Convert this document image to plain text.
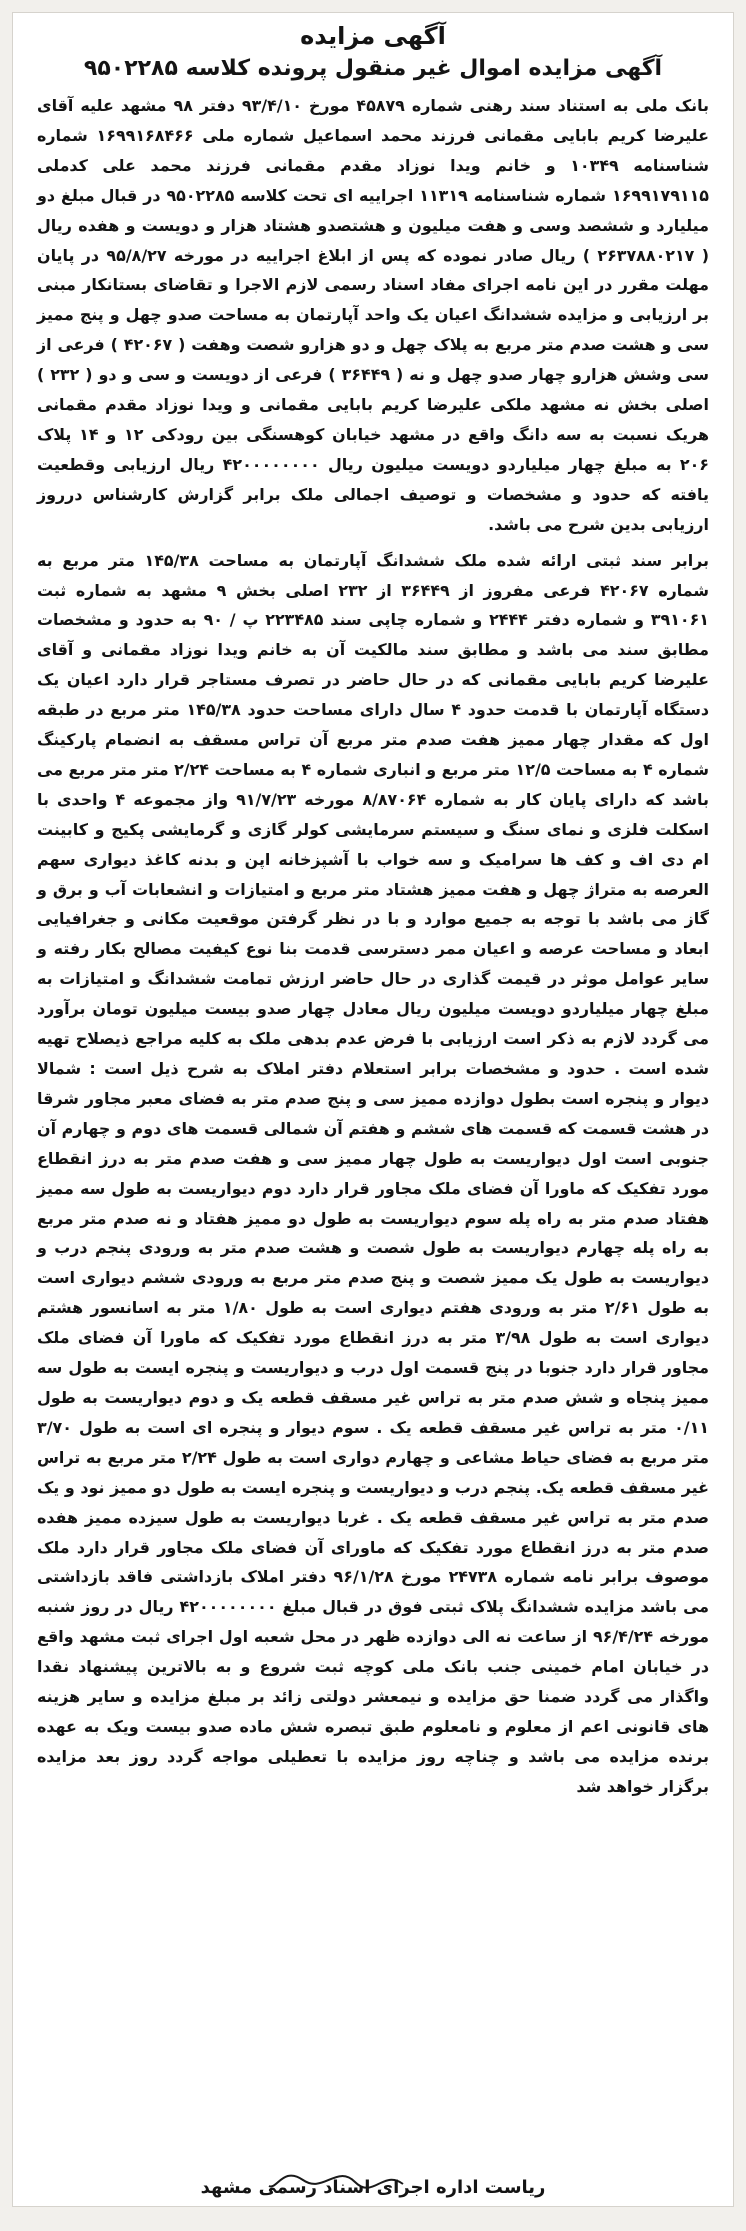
آگهی مزایده
آگهی مزایده اموال غیر منقول پرونده کلاسه ۹۵۰۲۲۸۵

بانک ملی به استناد سند رهنی شماره ۴۵۸۷۹ مورخ ۹۳/۴/۱۰ دفتر ۹۸ مشهد علیه آقای علیرضا کریم بابایی مقمانی فرزند محمد اسماعیل شماره ملی ۱۶۹۹۱۶۸۴۶۶ شماره شناسنامه ۱۰۳۴۹ و خانم ویدا نوزاد مقدم مقمانی فرزند محمد علی کدملی ۱۶۹۹۱۷۹۱۱۵ شماره شناسنامه ۱۱۳۱۹ اجراییه ای تحت کلاسه ۹۵۰۲۲۸۵ در قبال مبلغ دو میلیارد و ششصد وسی و هفت میلیون و هشتصدو هشتاد هزار و دویست و هفده ریال ( ۲۶۳۷۸۸۰۲۱۷ ) ریال صادر نموده که پس از ابلاغ اجراییه در مورخه ۹۵/۸/۲۷ در پایان مهلت مقرر در این نامه اجرای مفاد اسناد رسمی لازم الاجرا و تقاضای بستانکار مبنی بر ارزیابی و مزایده ششدانگ اعیان یک واحد آپارتمان به مساحت صدو چهل و پنج ممیز سی و هشت صدم متر مربع به پلاک چهل و دو هزارو شصت وهفت ( ۴۲۰۶۷ ) فرعی از سی وشش هزارو چهار صدو چهل و نه ( ۳۶۴۴۹ ) فرعی از دویست و سی و دو ( ۲۳۲ ) اصلی بخش نه مشهد ملکی علیرضا کریم بابایی مقمانی و ویدا نوزاد مقدم مقمانی هریک نسبت به سه دانگ واقع در مشهد خیابان کوهسنگی بین رودکی ۱۲ و ۱۴ پلاک ۲۰۶ به مبلغ چهار میلیاردو دویست میلیون ریال ۴۲۰۰۰۰۰۰۰۰ ریال ارزیابی وقطعیت یافته که حدود و مشخصات و توصیف اجمالی ملک برابر گزارش کارشناس درروز ارزیابی بدین شرح می باشد.

برابر سند ثبتی ارائه شده ملک ششدانگ آپارتمان به مساحت ۱۴۵/۳۸ متر مربع به شماره ۴۲۰۶۷ فرعی مفروز از ۳۶۴۴۹ از ۲۳۲ اصلی بخش ۹ مشهد به شماره ثبت ۳۹۱۰۶۱ و شماره دفتر ۲۴۴۴ و شماره چاپی سند ۲۲۳۴۸۵ پ / ۹۰ به حدود و مشخصات مطابق سند می باشد و مطابق سند مالکیت آن به خانم ویدا نوزاد مقمانی و آقای علیرضا کریم بابایی مقمانی که در حال حاضر در تصرف مستاجر قرار دارد اعیان یک دستگاه آپارتمان با قدمت حدود ۴ سال دارای مساحت حدود ۱۴۵/۳۸ متر مربع در طبقه اول که مقدار چهار ممیز هفت صدم متر مربع آن تراس مسقف به انضمام پارکینگ شماره ۴ به مساحت ۱۲/۵ متر مربع و انباری شماره ۴ به مساحت ۲/۲۴ متر متر مربع می باشد که دارای پایان کار به شماره ۸/۸۷۰۶۴ مورخه ۹۱/۷/۲۳ واز مجموعه ۴ واحدی با اسکلت فلزی و نمای سنگ و سیستم سرمایشی کولر گازی و گرمایشی پکیج و کابینت ام دی اف و کف ها سرامیک و سه خواب با آشپزخانه اپن و بدنه کاغذ دیواری سهم العرصه به متراژ چهل و هفت ممیز هشتاد متر مربع و امتیازات و انشعابات آب و برق و گاز می باشد با توجه به جمیع موارد و با در نظر گرفتن موقعیت مکانی و جغرافیایی ابعاد و مساحت عرصه و اعیان ممر دسترسی قدمت بنا نوع کیفیت مصالح بکار رفته و سایر عوامل موثر در قیمت گذاری در حال حاضر ارزش تمامت ششدانگ و امتیازات به مبلغ چهار میلیاردو دویست میلیون ریال معادل چهار صدو بیست میلیون تومان برآورد می گردد لازم به ذکر است ارزیابی با فرض عدم بدهی ملک به کلیه مراجع ذیصلاح تهیه شده است . حدود و مشخصات برابر استعلام دفتر املاک به شرح ذیل است : شمالا دیوار و پنجره است بطول دوازده ممیز سی و پنج صدم متر به فضای معبر مجاور شرقا در هشت قسمت که قسمت های ششم و هفتم آن شمالی قسمت های دوم و چهارم آن جنوبی است اول دیواریست به طول چهار ممیز سی و هفت صدم متر به درز انقطاع مورد تفکیک که ماورا آن فضای ملک مجاور قرار دارد دوم دیواریست به طول سه ممیز هفتاد صدم متر به راه پله سوم دیواریست به طول دو ممیز هفتاد و نه صدم متر مربع به راه پله چهارم دیواریست به طول شصت و هشت صدم متر به ورودی پنجم درب و دیواریست به طول یک ممیز شصت و پنج صدم متر مربع به ورودی ششم دیواری است به طول ۲/۶۱ متر به ورودی هفتم دیواری است به طول ۱/۸۰ متر به اسانسور هشتم دیواری است به طول ۳/۹۸ متر به درز انقطاع مورد تفکیک که ماورا آن فضای ملک مجاور قرار دارد جنوبا در پنج قسمت اول درب و دیواریست و پنجره ایست به طول سه ممیز پنجاه و شش صدم متر به تراس غیر مسقف قطعه یک و دوم دیواریست به طول ۰/۱۱ متر به تراس غیر مسقف قطعه یک . سوم دیوار و پنجره ای است به طول ۳/۷۰ متر مربع به فضای حیاط مشاعی و چهارم دواری است به طول ۲/۲۴ متر مربع به تراس غیر مسقف قطعه یک. پنجم درب و دیواریست و پنجره ایست به طول دو ممیز نود و یک صدم متر به تراس غیر مسقف قطعه یک . غربا دیواریست به طول سیزده ممیز هفده صدم متر به درز انقطاع مورد تفکیک که ماورای آن فضای ملک مجاور قرار دارد ملک موصوف برابر نامه شماره ۲۴۷۳۸ مورخ ۹۶/۱/۲۸ دفتر املاک بازداشتی فاقد بازداشتی می باشد مزایده ششدانگ پلاک ثبتی فوق در قبال مبلغ ۴۲۰۰۰۰۰۰۰۰ ریال در روز شنبه مورخه ۹۶/۴/۲۴ از ساعت نه الی دوازده ظهر در محل شعبه اول اجرای ثبت مشهد واقع در خیابان امام خمینی جنب بانک ملی کوچه ثبت شروع و به بالاترین پیشنهاد نقدا واگذار می گردد ضمنا حق مزایده و نیمعشر دولتی زائد بر مبلغ مزایده و سایر هزینه های قانونی اعم از معلوم و نامعلوم طبق تبصره شش ماده صدو بیست ویک به عهده برنده مزایده می باشد و چناچه روز مزایده با تعطیلی مواجه گردد روز بعد مزایده برگزار خواهد شد

ریاست اداره اجرای اسناد رسمی مشهد
